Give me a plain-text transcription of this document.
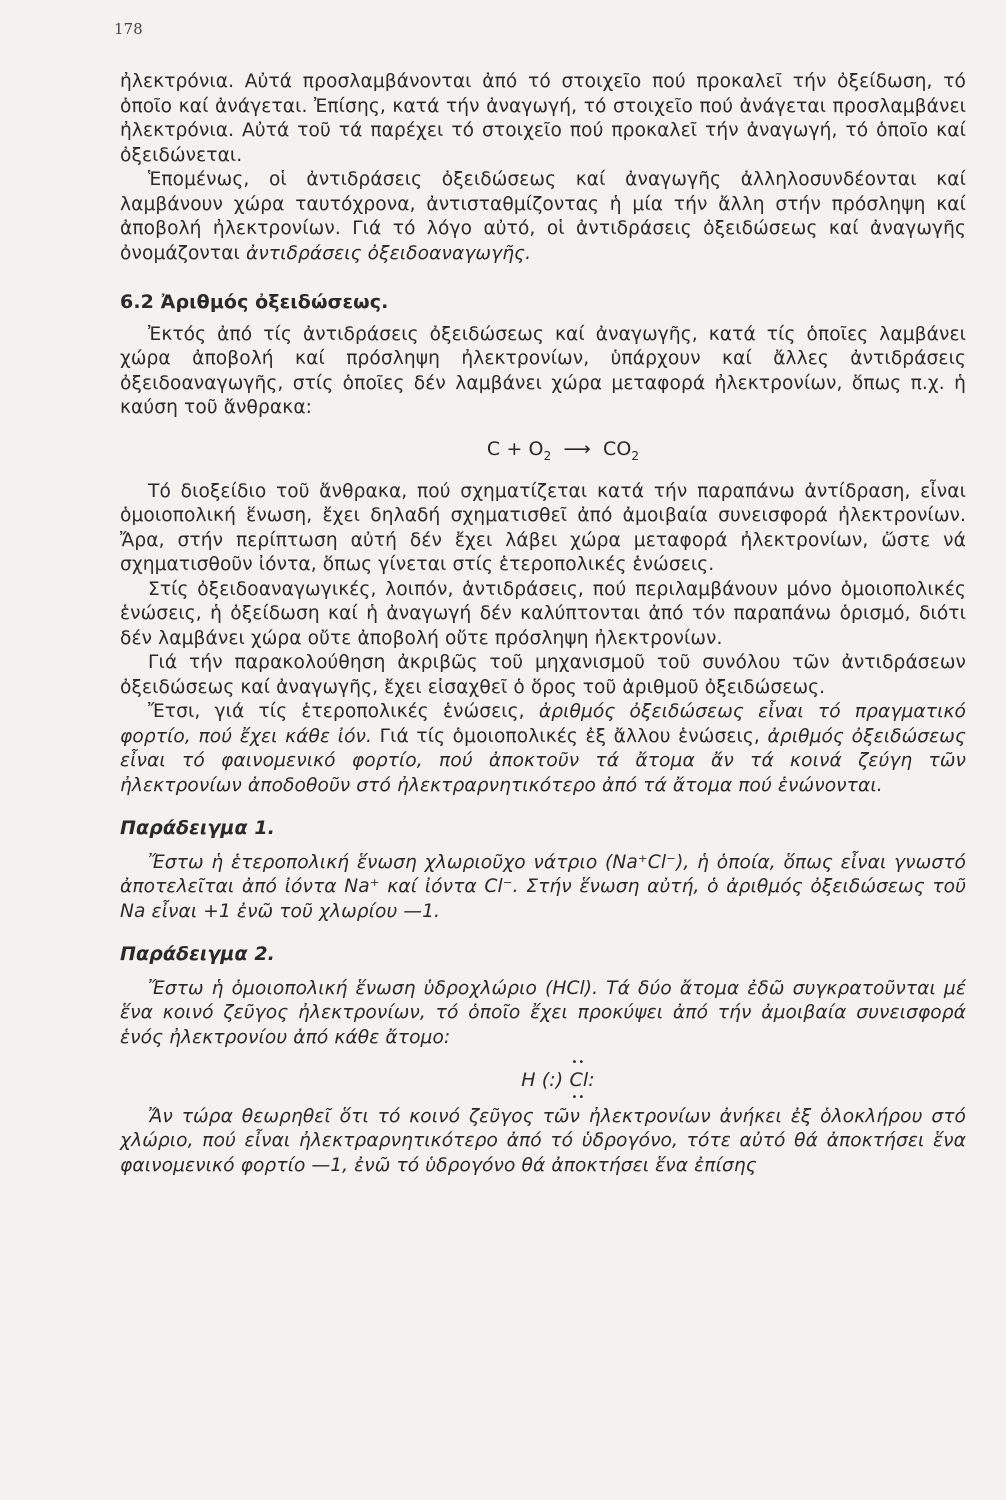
178

ἠλεκτρόνια. Αὐτά προσλαμβάνονται ἀπό τό στοιχεῖο πού προκαλεῖ τήν ὀξείδωση, τό ὁποῖο καί ἀνάγεται. Ἐπίσης, κατά τήν ἀναγωγή, τό στοιχεῖο πού ἀνάγεται προσλαμβάνει ἠλεκτρόνια. Αὐτά τοῦ τά παρέχει τό στοιχεῖο πού προκαλεῖ τήν ἀναγωγή, τό ὁποῖο καί ὀξειδώνεται.

Ἑπομένως, οἱ ἀντιδράσεις ὀξειδώσεως καί ἀναγωγῆς ἀλληλοσυνδέονται καί λαμβάνουν χώρα ταυτόχρονα, ἀντισταθμίζοντας ἡ μία τήν ἄλλη στήν πρόσληψη καί ἀποβολή ἠλεκτρονίων. Γιά τό λόγο αὐτό, οἱ ἀντιδράσεις ὀξειδώσεως καί ἀναγωγῆς ὀνομάζονται ἀντιδράσεις ὀξειδοαναγωγῆς.

6.2 Ἀριθμός ὀξειδώσεως.

Ἐκτός ἀπό τίς ἀντιδράσεις ὀξειδώσεως καί ἀναγωγῆς, κατά τίς ὁποῖες λαμβάνει χώρα ἀποβολή καί πρόσληψη ἠλεκτρονίων, ὑπάρχουν καί ἄλλες ἀντιδράσεις ὀξειδοαναγωγῆς, στίς ὁποῖες δέν λαμβάνει χώρα μεταφορά ἠλεκτρονίων, ὅπως π.χ. ἡ καύση τοῦ ἄνθρακα:

$C + O_2$ ⟶ $CO_2$

Τό διοξείδιο τοῦ ἄνθρακα, πού σχηματίζεται κατά τήν παραπάνω ἀντίδραση, εἶναι ὁμοιοπολική ἕνωση, ἔχει δηλαδή σχηματισθεῖ ἀπό ἀμοιβαία συνεισφορά ἠλεκτρονίων. Ἄρα, στήν περίπτωση αὐτή δέν ἔχει λάβει χώρα μεταφορά ἠλεκτρονίων, ὥστε νά σχηματισθοῦν ἰόντα, ὅπως γίνεται στίς ἑτεροπολικές ἑνώσεις.

Στίς ὀξειδοαναγωγικές, λοιπόν, ἀντιδράσεις, πού περιλαμβάνουν μόνο ὁμοιοπολικές ἑνώσεις, ἡ ὀξείδωση καί ἡ ἀναγωγή δέν καλύπτονται ἀπό τόν παραπάνω ὁρισμό, διότι δέν λαμβάνει χώρα οὔτε ἀποβολή οὔτε πρόσληψη ἠλεκτρονίων.

Γιά τήν παρακολούθηση ἀκριβῶς τοῦ μηχανισμοῦ τοῦ συνόλου τῶν ἀντιδράσεων ὀξειδώσεως καί ἀναγωγῆς, ἔχει εἰσαχθεῖ ὁ ὅρος τοῦ ἀριθμοῦ ὀξειδώσεως.

Ἔτσι, γιά τίς ἑτεροπολικές ἑνώσεις, ἀριθμός ὀξειδώσεως εἶναι τό πραγματικό φορτίο, πού ἔχει κάθε ἰόν. Γιά τίς ὁμοιοπολικές ἐξ ἄλλου ἑνώσεις, ἀριθμός ὀξειδώσεως εἶναι τό φαινομενικό φορτίο, πού ἀποκτοῦν τά ἄτομα ἄν τά κοινά ζεύγη τῶν ἠλεκτρονίων ἀποδοθοῦν στό ἠλεκτραρνητικότερο ἀπό τά ἄτομα πού ἑνώνονται.

Παράδειγμα 1.

Ἔστω ἡ ἑτεροπολική ἕνωση χλωριοῦχο νάτριο (Na⁺Cl⁻), ἡ ὁποία, ὅπως εἶναι γνωστό ἀποτελεῖται ἀπό ἰόντα Na⁺ καί ἰόντα Cl⁻. Στήν ἕνωση αὐτή, ὁ ἀριθμός ὀξειδώσεως τοῦ Na εἶναι +1 ἐνῶ τοῦ χλωρίου —1.

Παράδειγμα 2.

Ἔστω ἡ ὁμοιοπολική ἕνωση ὑδροχλώριο (HCl). Τά δύο ἄτομα ἐδῶ συγκρατοῦνται μέ ἕνα κοινό ζεῦγος ἠλεκτρονίων, τό ὁποῖο ἔχει προκύψει ἀπό τήν ἀμοιβαία συνεισφορά ἑνός ἠλεκτρονίου ἀπό κάθε ἄτομο:

H (:)
••
Cl:
••

Ἄν τώρα θεωρηθεῖ ὅτι τό κοινό ζεῦγος τῶν ἠλεκτρονίων ἀνήκει ἐξ ὁλοκλήρου στό χλώριο, πού εἶναι ἠλεκτραρνητικότερο ἀπό τό ὑδρογόνο, τότε αὐτό θά ἀποκτήσει ἕνα φαινομενικό φορτίο —1, ἐνῶ τό ὑδρογόνο θά ἀποκτήσει ἕνα ἐπίσης
